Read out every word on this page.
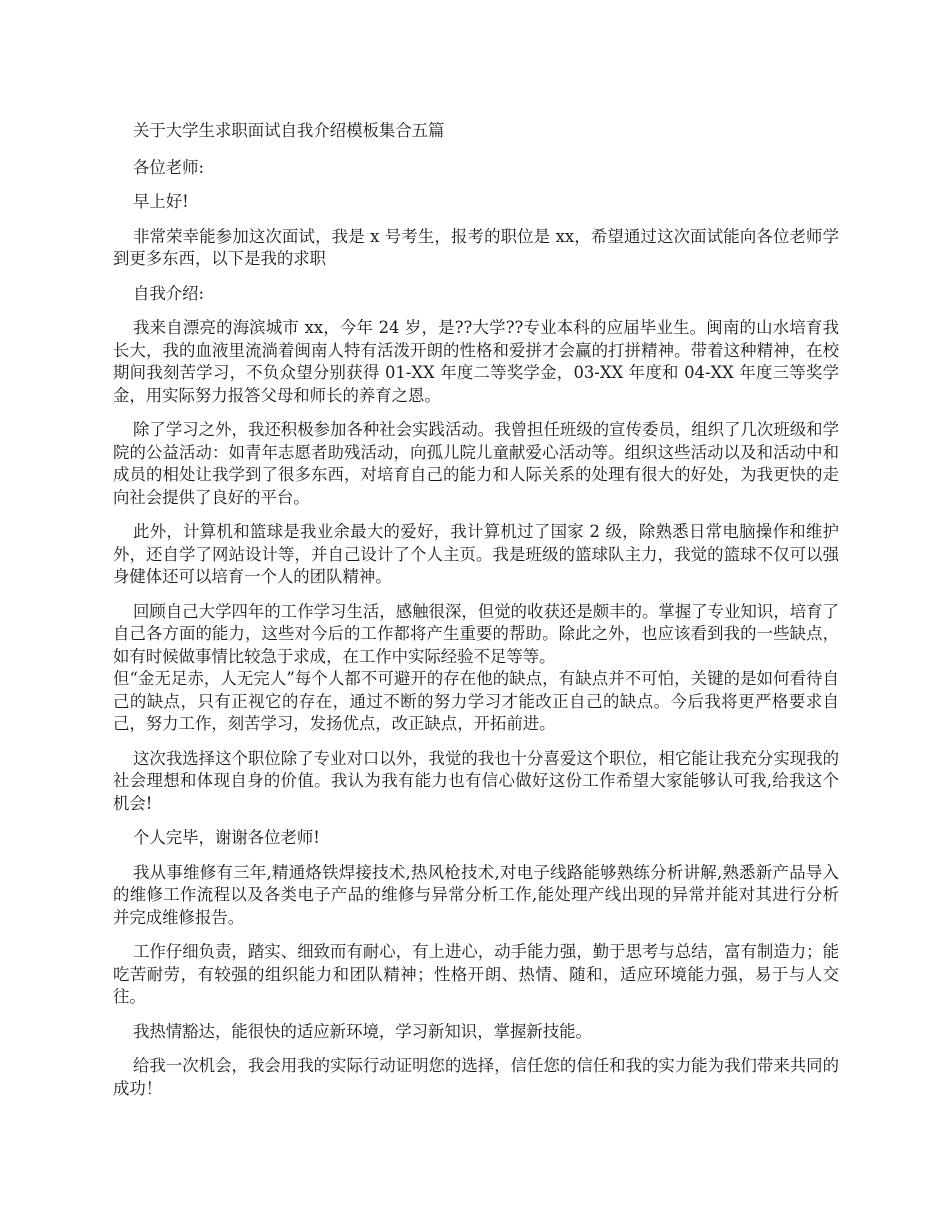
关于大学生求职面试自我介绍模板集合五篇

各位老师:

早上好!

非常荣幸能参加这次面试，我是 x 号考生，报考的职位是 xx，希望通过这次面试能向各位老师学到更多东西，以下是我的求职

自我介绍:

我来自漂亮的海滨城市 xx，今年 24 岁，是??大学??专业本科的应届毕业生。闽南的山水培育我长大，我的血液里流淌着闽南人特有活泼开朗的性格和爱拼才会赢的打拼精神。带着这种精神，在校期间我刻苦学习，不负众望分别获得 01-XX 年度二等奖学金，03-XX 年度和 04-XX 年度三等奖学金，用实际努力报答父母和师长的养育之恩。

除了学习之外，我还积极参加各种社会实践活动。我曾担任班级的宣传委员，组织了几次班级和学院的公益活动：如青年志愿者助残活动，向孤儿院儿童献爱心活动等。组织这些活动以及和活动中和成员的相处让我学到了很多东西，对培育自己的能力和人际关系的处理有很大的好处，为我更快的走向社会提供了良好的平台。

此外，计算机和篮球是我业余最大的爱好，我计算机过了国家 2 级，除熟悉日常电脑操作和维护外，还自学了网站设计等，并自己设计了个人主页。我是班级的篮球队主力，我觉的篮球不仅可以强身健体还可以培育一个人的团队精神。

回顾自己大学四年的工作学习生活，感触很深，但觉的收获还是颇丰的。掌握了专业知识，培育了自己各方面的能力，这些对今后的工作都将产生重要的帮助。除此之外，也应该看到我的一些缺点，如有时候做事情比较急于求成，在工作中实际经验不足等等。
但“金无足赤，人无完人”每个人都不可避开的存在他的缺点，有缺点并不可怕，关键的是如何看待自己的缺点，只有正视它的存在，通过不断的努力学习才能改正自己的缺点。今后我将更严格要求自己，努力工作，刻苦学习，发扬优点，改正缺点，开拓前进。

这次我选择这个职位除了专业对口以外，我觉的我也十分喜爱这个职位，相它能让我充分实现我的社会理想和体现自身的价值。我认为我有能力也有信心做好这份工作希望大家能够认可我,给我这个机会!

个人完毕，谢谢各位老师!

我从事维修有三年,精通烙铁焊接技术,热风枪技术,对电子线路能够熟练分析讲解,熟悉新产品导入的维修工作流程以及各类电子产品的维修与异常分析工作,能处理产线出现的异常并能对其进行分析并完成维修报告。

工作仔细负责，踏实、细致而有耐心，有上进心，动手能力强，勤于思考与总结，富有制造力；能吃苦耐劳，有较强的组织能力和团队精神；性格开朗、热情、随和，适应环境能力强，易于与人交往。

我热情豁达，能很快的适应新环境，学习新知识，掌握新技能。

给我一次机会，我会用我的实际行动证明您的选择，信任您的信任和我的实力能为我们带来共同的成功！
